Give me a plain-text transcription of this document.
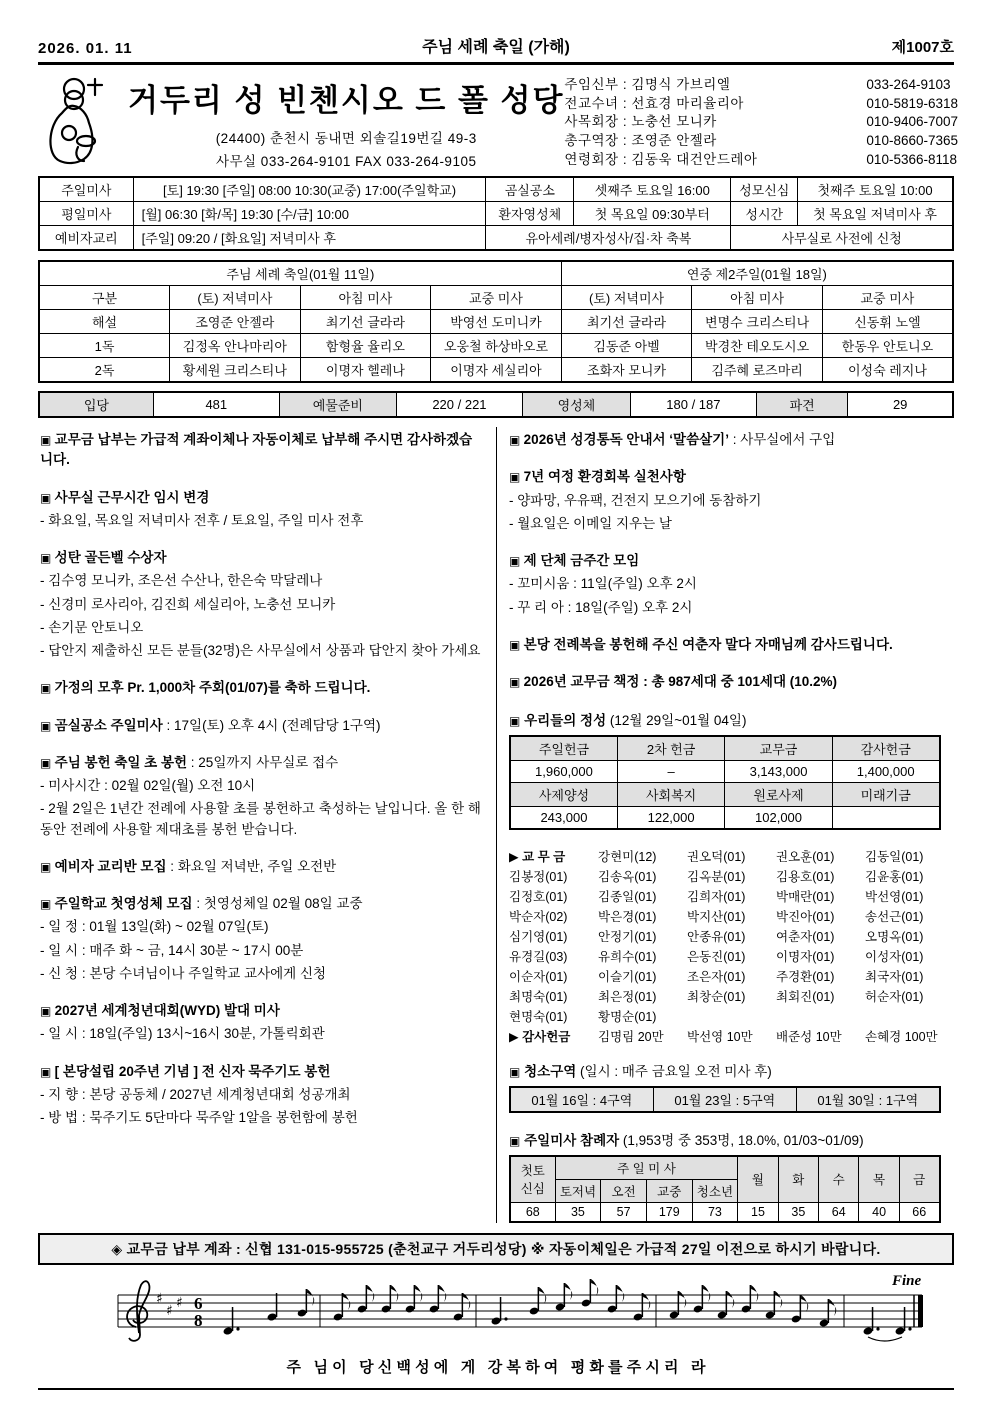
2026. 01. 11	주님 세례 축일 (가해)	제1007호
거두리 성 빈첸시오 드 폴 성당
(24400) 춘천시 동내면 외솔길19번길 49-3
사무실 033-264-9101 FAX 033-264-9105
주임신부 : 김명식 가브리엘	033-264-9103
전교수녀 : 선효경 마리율리아	010-5819-6318
사목회장 : 노충선 모니카	010-9406-7007
총구역장 : 조영준 안젤라	010-8660-7365
연령회장 : 김동욱 대건안드레아	010-5366-8118
주일미사	[토] 19:30 [주일] 08:00 10:30(교중) 17:00(주일학교)	곰실공소	셋째주 토요일 16:00	성모신심	첫째주 토요일 10:00
평일미사	[월] 06:30 [화/목] 19:30 [수/금] 10:00	환자영성체	첫 목요일 09:30부터	성시간	첫 목요일 저녁미사 후
예비자교리	[주일] 09:20 / [화요일] 저녁미사 후	유아세례/병자성사/집·차 축복		사무실로 사전에 신청	
주님 세례 축일(01월 11일)				연중 제2주일(01월 18일)		
구분	(토) 저녁미사	아침 미사	교중 미사	(토) 저녁미사	아침 미사	교중 미사
해설	조영준 안젤라	최기선 글라라	박영선 도미니카	최기선 글라라	변명수 크리스티나	신동휘 노엘
1독	김정옥 안나마리아	함형율 율리오	오웅철 하상바오로	김동준 아벨	박경찬 테오도시오	한동우 안토니오
2독	황세원 크리스티나	이명자 헬레나	이명자 세실리아	조화자 모니카	김주혜 로즈마리	이성숙 레지나
입당	481	예물준비	220 / 221	영성체	180 / 187	파견	29
▣ 교무금 납부는 가급적 계좌이체나 자동이체로 납부해 주시면 감사하겠습니다.
▣ 사무실 근무시간 임시 변경
- 화요일, 목요일 저녁미사 전후 / 토요일, 주일 미사 전후
▣ 성탄 골든벨 수상자
- 김수영 모니카, 조은선 수산나, 한은숙 막달레나
- 신경미 로사리아, 김진희 세실리아, 노충선 모니카
- 손기문 안토니오
- 답안지 제출하신 모든 분들(32명)은 사무실에서 상품과 답안지 찾아 가세요
▣ 가정의 모후 Pr. 1,000차 주회(01/07)를 축하 드립니다.
▣ 곰실공소 주일미사 : 17일(토) 오후 4시 (전례담당 1구역)
▣ 주님 봉헌 축일 초 봉헌 : 25일까지 사무실로 접수
- 미사시간 : 02월 02일(월) 오전 10시
- 2월 2일은 1년간 전례에 사용할 초를 봉헌하고 축성하는 날입니다. 올 한 해 동안 전례에 사용할 제대초를 봉헌 받습니다.
▣ 예비자 교리반 모집 : 화요일 저녁반, 주일 오전반
▣ 주일학교 첫영성체 모집 : 첫영성체일 02월 08일 교중
- 일 정 : 01월 13일(화) ~ 02월 07일(토)
- 일 시 : 매주 화 ~ 금, 14시 30분 ~ 17시 00분
- 신 청 : 본당 수녀님이나 주일학교 교사에게 신청
▣ 2027년 세계청년대회(WYD) 발대 미사
- 일 시 : 18일(주일) 13시~16시 30분, 가톨릭회관
▣ [ 본당설립 20주년 기념 ] 전 신자 묵주기도 봉헌
- 지 향 : 본당 공동체 / 2027년 세계청년대회 성공개최
- 방 법 : 묵주기도 5단마다 묵주알 1알을 봉헌함에 봉헌
▣ 2026년 성경통독 안내서 ‘말씀살기’ : 사무실에서 구입
▣ 7년 여정 환경회복 실천사항
- 양파망, 우유팩, 건전지 모으기에 동참하기
- 월요일은 이메일 지우는 날
▣ 제 단체 금주간 모임
- 꼬미시움 : 11일(주일) 오후 2시
- 꾸 리 아 : 18일(주일) 오후 2시
▣ 본당 전례복을 봉헌해 주신 여춘자 말다 자매님께 감사드립니다.
▣ 2026년 교무금 책정 : 총 987세대 중 101세대 (10.2%)
▣ 우리들의 정성 (12월 29일~01월 04일)
주일헌금	2차 헌금	교무금	감사헌금
1,960,000	–	3,143,000	1,400,000
사제양성	사회복지	원로사제	미래기금
243,000	122,000	102,000	
▶ 교 무 금	강현미(12)	권오덕(01)	권오훈(01)	김동일(01)
김봉정(01)	김송옥(01)	김옥분(01)	김용호(01)	김윤홍(01)
김정호(01)	김종일(01)	김희자(01)	박매란(01)	박선영(01)
박순자(02)	박은경(01)	박지산(01)	박진아(01)	송선근(01)
심기영(01)	안정기(01)	안종유(01)	여춘자(01)	오명옥(01)
유경길(03)	유희수(01)	은동진(01)	이명자(01)	이성자(01)
이순자(01)	이슬기(01)	조은자(01)	주경환(01)	최국자(01)
최명숙(01)	최은정(01)	최창순(01)	최회진(01)	허순자(01)
현명숙(01)	황명순(01)			
▶ 감사헌금	김명림 20만	박선영 10만	배준성 10만	손혜경 100만
▣ 청소구역 (일시 : 매주 금요일 오전 미사 후)
01월 16일 : 4구역	01월 23일 : 5구역	01월 30일 : 1구역
▣ 주일미사 참례자 (1,953명 중 353명, 18.0%, 01/03~01/09)
첫토
신심	주 일 미 사				월	화	수	목	금
	토저녁	오전	교중	청소년					
68	35	57	179	73	15	35	64	40	66
◈ 교무금 납부 계좌 : 신협 131-015-955725 (춘천교구 거두리성당) ※ 자동이체일은 가급적 27일 이전으로 하시기 바랍니다.
Fine
♯
♯ ♯ 6
8
주   님 이   당 신 백 성 에   게   강 복 하 여   평 화 를 주 시 리   라
